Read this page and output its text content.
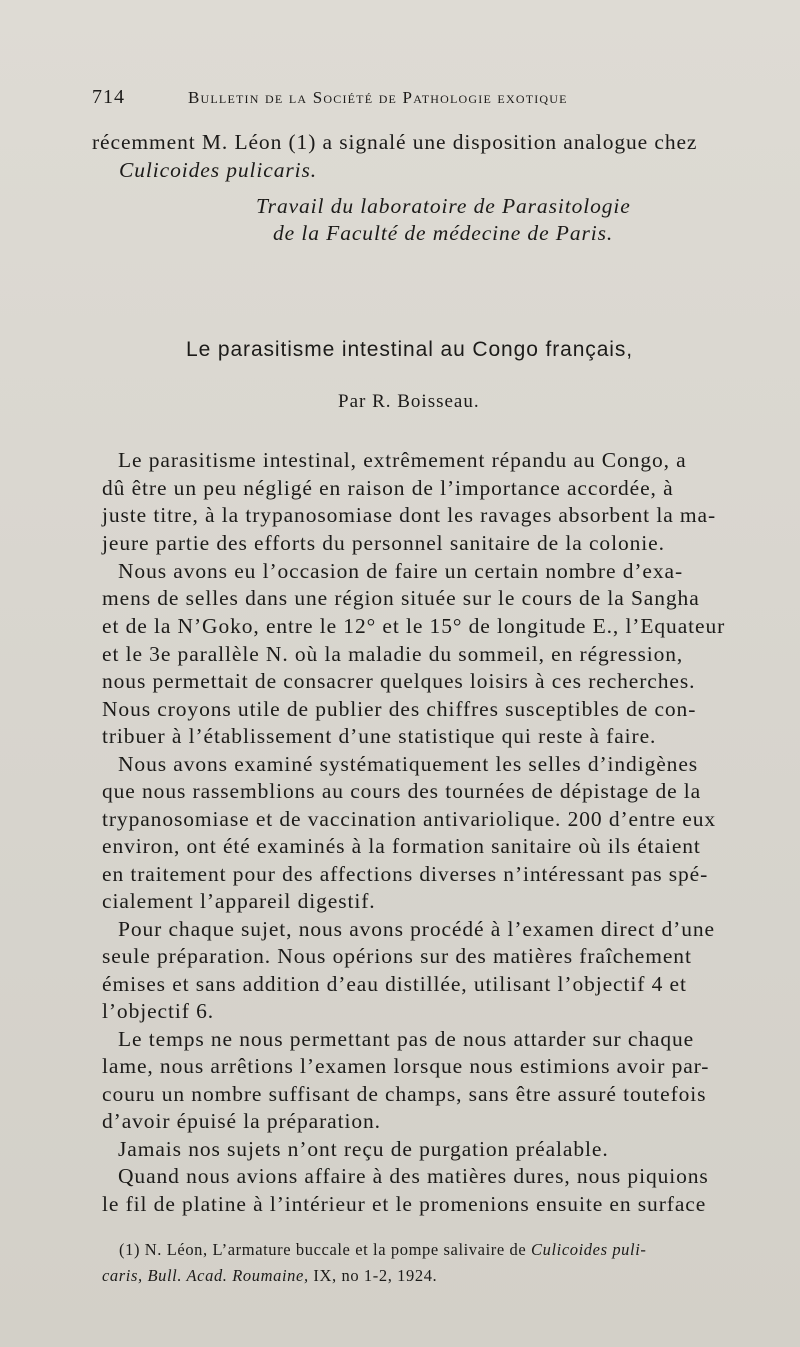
714	Bulletin de la Société de Pathologie exotique
récemment M. Léon (1) a signalé une disposition analogue chez
Culicoides pulicaris.
Travail du laboratoire de Parasitologie
de la Faculté de médecine de Paris.
Le parasitisme intestinal au Congo français,
Par R. Boisseau.
Le parasitisme intestinal, extrêmement répandu au Congo, a
dû être un peu négligé en raison de l’importance accordée, à
juste titre, à la trypanosomiase dont les ravages absorbent la ma-
jeure partie des efforts du personnel sanitaire de la colonie.
Nous avons eu l’occasion de faire un certain nombre d’exa-
mens de selles dans une région située sur le cours de la Sangha
et de la N’Goko, entre le 12° et le 15° de longitude E., l’Equateur
et le 3e parallèle N. où la maladie du sommeil, en régression,
nous permettait de consacrer quelques loisirs à ces recherches.
Nous croyons utile de publier des chiffres susceptibles de con-
tribuer à l’établissement d’une statistique qui reste à faire.
Nous avons examiné systématiquement les selles d’indigènes
que nous rassemblions au cours des tournées de dépistage de la
trypanosomiase et de vaccination antivariolique. 200 d’entre eux
environ, ont été examinés à la formation sanitaire où ils étaient
en traitement pour des affections diverses n’intéressant pas spé-
cialement l’appareil digestif.
Pour chaque sujet, nous avons procédé à l’examen direct d’une
seule préparation. Nous opérions sur des matières fraîchement
émises et sans addition d’eau distillée, utilisant l’objectif 4 et
l’objectif 6.
Le temps ne nous permettant pas de nous attarder sur chaque
lame, nous arrêtions l’examen lorsque nous estimions avoir par-
couru un nombre suffisant de champs, sans être assuré toutefois
d’avoir épuisé la préparation.
Jamais nos sujets n’ont reçu de purgation préalable.
Quand nous avions affaire à des matières dures, nous piquions
le fil de platine à l’intérieur et le promenions ensuite en surface
(1) N. Léon, L’armature buccale et la pompe salivaire de Culicoides puli-
caris, Bull. Acad. Roumaine, IX, no 1-2, 1924.
